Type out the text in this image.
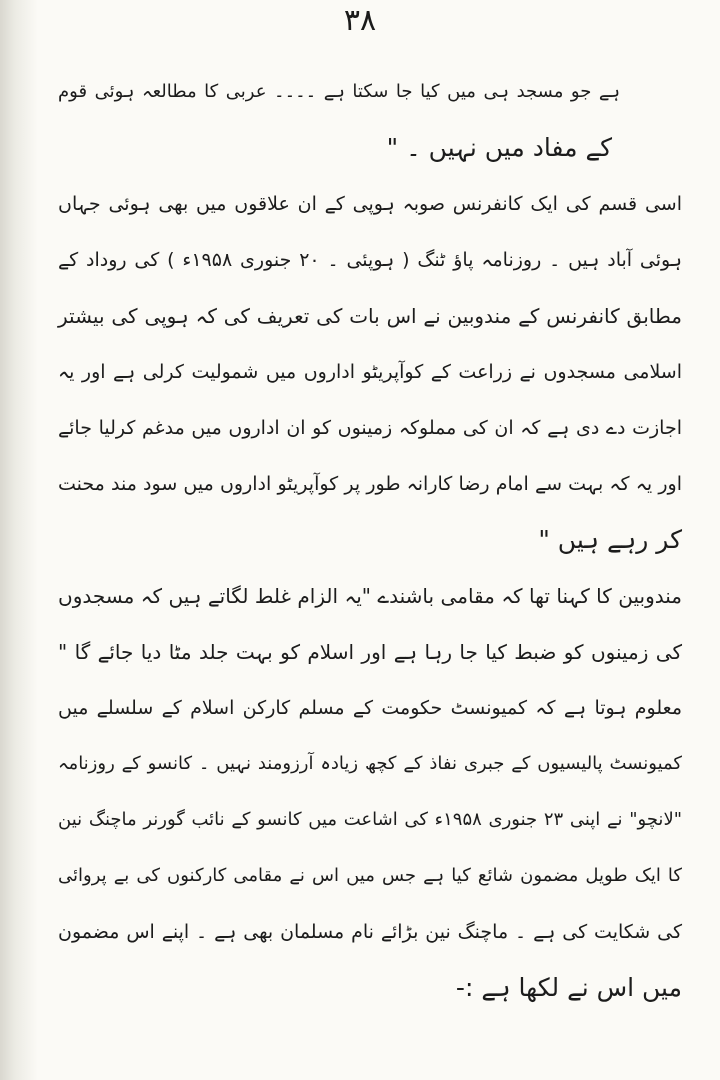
۳۸
ہے جو مسجد ہی میں کیا جا سکتا ہے ۔۔۔۔ عربی کا مطالعہ ہوئی قوم
کے مفاد میں نہیں ۔ "
اسی قسم کی ایک کانفرنس صوبہ ہوپی کے ان علاقوں میں بھی ہوئی جہاں
ہوئی آباد ہیں ۔ روزنامہ پاؤ ٹنگ ( ہوپئی ۔ ۲۰ جنوری ۱۹۵۸ء ) کی روداد کے
مطابق کانفرنس کے مندوبین نے اس بات کی تعریف کی کہ ہوپی کی بیشتر
اسلامی مسجدوں نے زراعت کے کوآپریٹو اداروں میں شمولیت کرلی ہے اور یہ
اجازت دے دی ہے کہ ان کی مملوکہ زمینوں کو ان اداروں میں مدغم کرلیا جائے
اور یہ کہ بہت سے امام رضا کارانہ طور پر کوآپریٹو اداروں میں سود مند محنت
کر رہے ہیں "
مندوبین کا کہنا تھا کہ مقامی باشندے "یہ الزام غلط لگاتے ہیں کہ مسجدوں
کی زمینوں کو ضبط کیا جا رہا ہے اور اسلام کو بہت جلد مٹا دیا جائے گا "
معلوم ہوتا ہے کہ کمیونسٹ حکومت کے مسلم کارکن اسلام کے سلسلے میں
کمیونسٹ پالیسیوں کے جبری نفاذ کے کچھ زیادہ آرزومند نہیں ۔ کانسو کے روزنامہ
"لانچو" نے اپنی ۲۳ جنوری ۱۹۵۸ء کی اشاعت میں کانسو کے نائب گورنر ماچنگ نین
کا ایک طویل مضمون شائع کیا ہے جس میں اس نے مقامی کارکنوں کی بے پروائی
کی شکایت کی ہے ۔ ماچنگ نین بڑائے نام مسلمان بھی ہے ۔ اپنے اس مضمون
میں اس نے لکھا ہے :-
